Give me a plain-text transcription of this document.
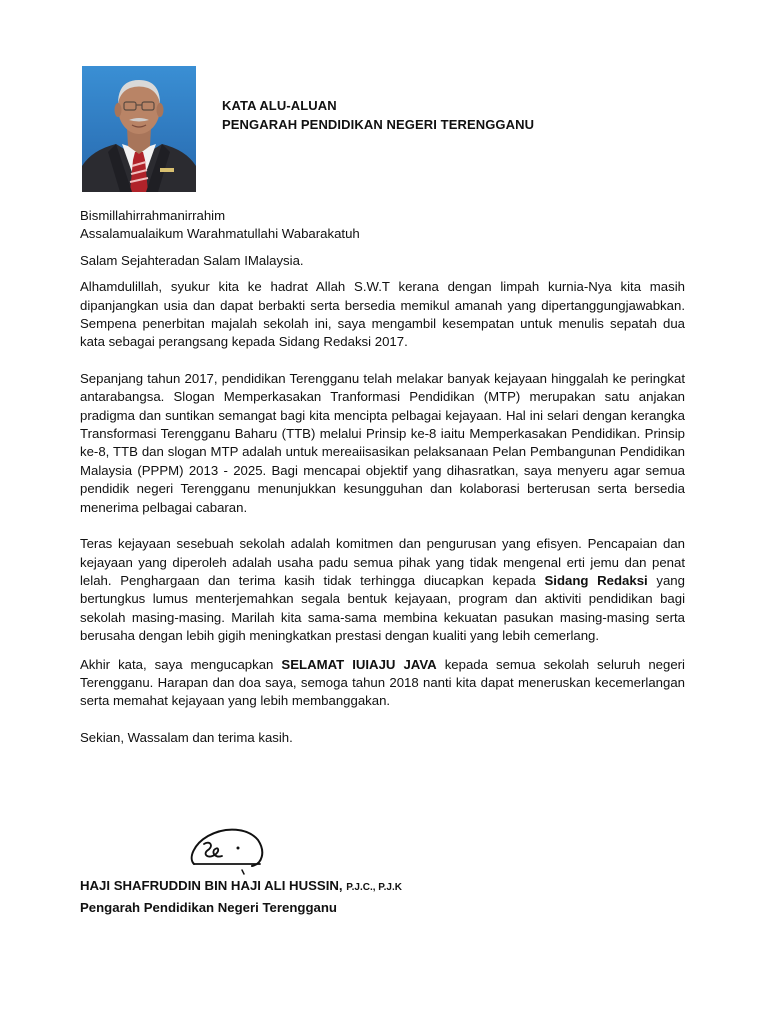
KATA ALU-ALUAN
PENGARAH PENDIDIKAN NEGERI TERENGGANU
Bismillahirrahmanirrahim
Assalamualaikum Warahmatullahi Wabarakatuh
Salam Sejahteradan Salam IMalaysia.
Alhamdulillah, syukur kita ke hadrat Allah S.W.T kerana dengan limpah kurnia-Nya kita masih dipanjangkan usia dan dapat berbakti serta bersedia memikul amanah yang dipertanggungjawabkan. Sempena penerbitan majalah sekolah ini, saya mengambil kesempatan untuk menulis sepatah dua kata sebagai perangsang kepada Sidang Redaksi 2017.
Sepanjang tahun 2017, pendidikan Terengganu telah melakar banyak kejayaan hinggalah ke peringkat antarabangsa. Slogan Memperkasakan Tranformasi Pendidikan (MTP) merupakan satu anjakan pradigma dan suntikan semangat bagi kita mencipta pelbagai kejayaan. Hal ini selari dengan kerangka Transformasi Terengganu Baharu (TTB) melalui Prinsip ke-8 iaitu Memperkasakan Pendidikan. Prinsip ke-8, TTB dan slogan MTP adalah untuk mereaiisasikan pelaksanaan Pelan Pembangunan Pendidikan Malaysia (PPPM) 2013 - 2025. Bagi mencapai objektif yang dihasratkan, saya menyeru agar semua pendidik negeri Terengganu menunjukkan kesungguhan dan kolaborasi berterusan serta bersedia menerima pelbagai cabaran.
Teras kejayaan sesebuah sekolah adalah komitmen dan pengurusan yang efisyen. Pencapaian dan kejayaan yang diperoleh adalah usaha padu semua pihak yang tidak mengenal erti jemu dan penat lelah. Penghargaan dan terima kasih tidak terhingga diucapkan kepada Sidang Redaksi yang bertungkus lumus menterjemahkan segala bentuk kejayaan, program dan aktiviti pendidikan bagi sekolah masing-masing. Marilah kita sama-sama membina kekuatan pasukan masing-masing serta berusaha dengan lebih gigih meningkatkan prestasi dengan kualiti yang lebih cemerlang.
Akhir kata, saya mengucapkan SELAMAT IUIAJU JAVA kepada semua sekolah seluruh negeri Terengganu. Harapan dan doa saya, semoga tahun 2018 nanti kita dapat meneruskan kecemerlangan serta memahat kejayaan yang lebih membanggakan.
Sekian, Wassalam dan terima kasih.
HAJI SHAFRUDDIN BIN HAJI ALI HUSSIN, P.J.C., P.J.K
Pengarah Pendidikan Negeri Terengganu
